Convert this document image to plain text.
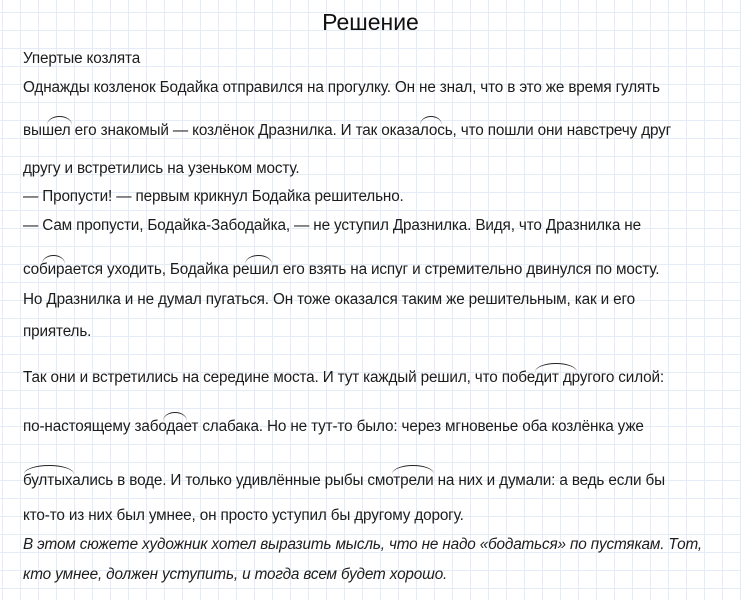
Решение
Упертые козлята
Однажды козленок Бодайка отправился на прогулку. Он не знал, что в это же время гулять
вышел его знакомый — козлёнок Дразнилка. И так оказалось, что пошли они навстречу друг
другу и встретились на узеньком мосту.
— Пропусти! — первым крикнул Бодайка решительно.
— Сам пропусти, Бодайка-Забодайка, — не уступил Дразнилка. Видя, что Дразнилка не
собирается уходить, Бодайка решил его взять на испуг и стремительно двинулся по мосту.
Но Дразнилка и не думал пугаться. Он тоже оказался таким же решительным, как и его
приятель.
Так они и встретились на середине моста. И тут каждый решил, что победит другого силой:
по-настоящему забодает слабака. Но не тут-то было: через мгновенье оба козлёнка уже
бултыхались в воде. И только удивлённые рыбы смотрели на них и думали: а ведь если бы
кто-то из них был умнее, он просто уступил бы другому дорогу.
В этом сюжете художник хотел выразить мысль, что не надо «бодаться» по пустякам. Тот,
кто умнее, должен уступить, и тогда всем будет хорошо.
